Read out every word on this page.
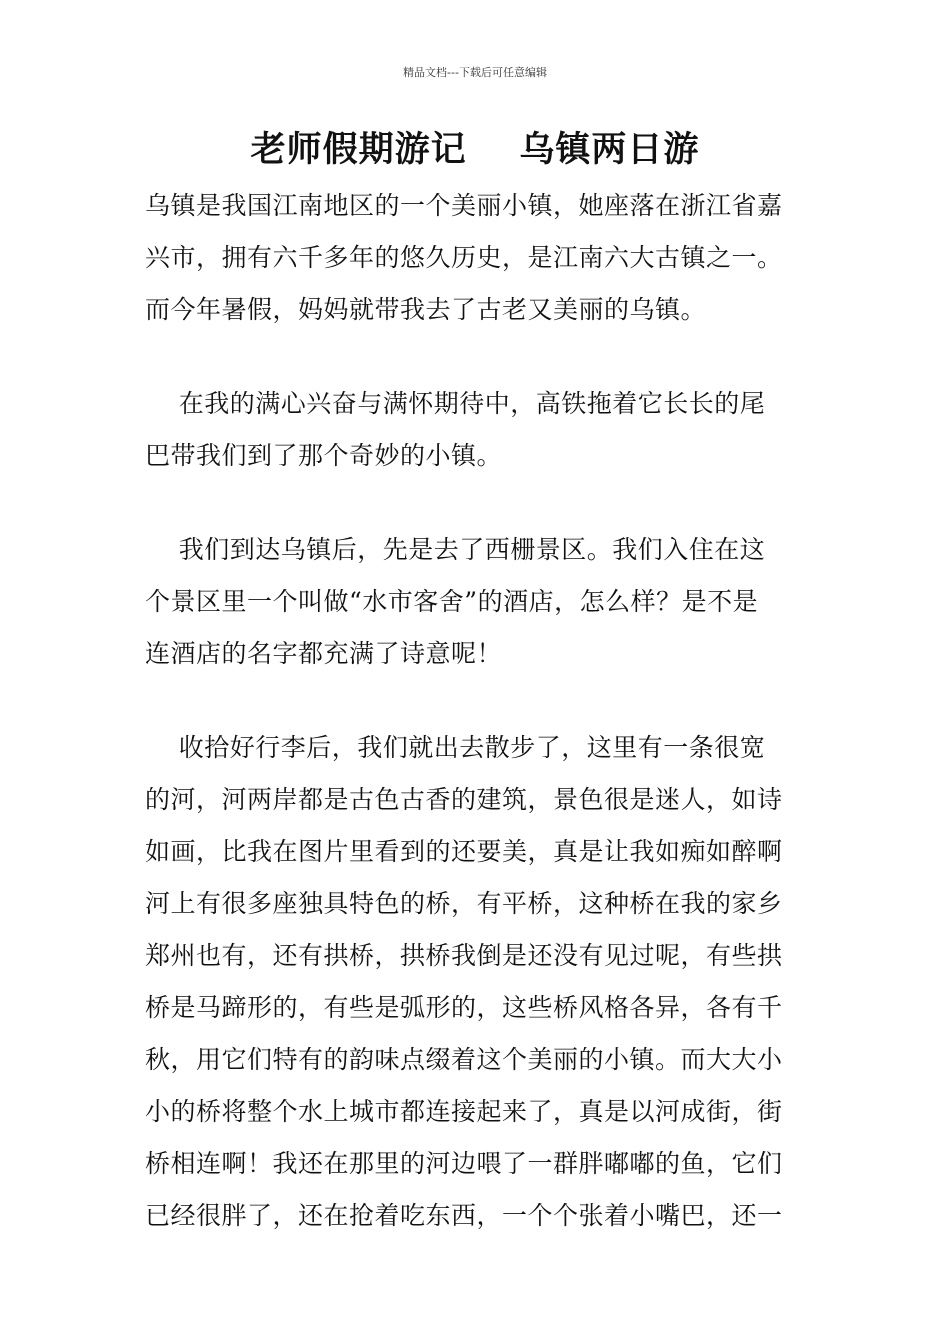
精品文档---下载后可任意编辑
老师假期游记    乌镇两日游
乌镇是我国江南地区的一个美丽小镇，她座落在浙江省嘉
兴市，拥有六千多年的悠久历史，是江南六大古镇之一。
而今年暑假，妈妈就带我去了古老又美丽的乌镇。
在我的满心兴奋与满怀期待中，高铁拖着它长长的尾
巴带我们到了那个奇妙的小镇。
我们到达乌镇后，先是去了西栅景区。我们入住在这
个景区里一个叫做“水市客舍”的酒店，怎么样？是不是
连酒店的名字都充满了诗意呢！
收拾好行李后，我们就出去散步了，这里有一条很宽
的河，河两岸都是古色古香的建筑，景色很是迷人，如诗
如画，比我在图片里看到的还要美，真是让我如痴如醉啊
河上有很多座独具特色的桥，有平桥，这种桥在我的家乡
郑州也有，还有拱桥，拱桥我倒是还没有见过呢，有些拱
桥是马蹄形的，有些是弧形的，这些桥风格各异，各有千
秋，用它们特有的韵味点缀着这个美丽的小镇。而大大小
小的桥将整个水上城市都连接起来了，真是以河成街，街
桥相连啊！我还在那里的河边喂了一群胖嘟嘟的鱼，它们
已经很胖了，还在抢着吃东西，一个个张着小嘴巴，还一
